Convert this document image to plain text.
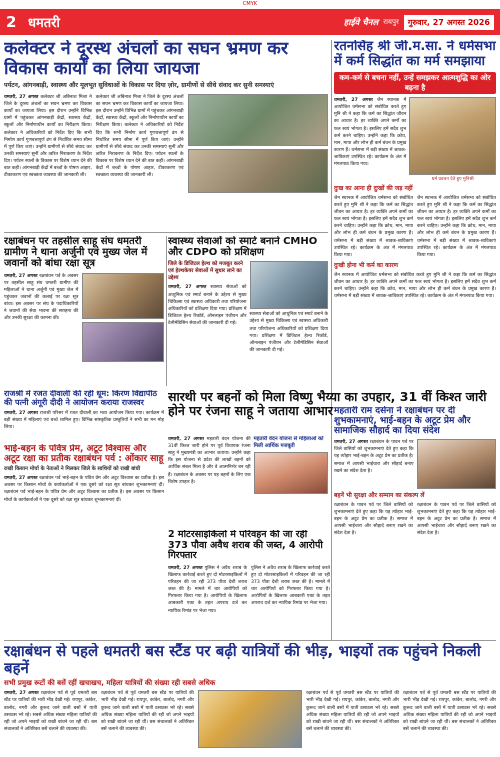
CMYK
2 धमतरी	हाईवे चैनल रायपुर	गुरुवार, 27 अगस्त 2026
कलेक्टर ने दूरस्थ अंचलों का सघन भ्रमण कर विकास कार्यों का लिया जायजा
पर्यटन, आंगनबाड़ी, स्वास्थ्य और मूलभूत सुविधाओं के विकास पर दिया ज़ोर, ग्रामीणों से सीधे संवाद कर सुनी समस्याएं
धमतरी, 27 अगस्त कलेक्टर श्री अबिनाश मिश्रा ने जिले के दूरस्थ अंचलों का सघन भ्रमण कर विकास कार्यों का जायजा लिया। इस दौरान उन्होंने विभिन्न ग्रामों में पहुंचकर आंगनबाड़ी केंद्रों, स्वास्थ्य केंद्रों, स्कूलों और निर्माणाधीन कार्यों का निरीक्षण किया। कलेक्टर ने अधिकारियों को निर्देश दिए कि सभी निर्माण कार्य गुणवत्तापूर्ण ढंग से निर्धारित समय सीमा में पूर्ण किए जाएं। उन्होंने ग्रामीणों से सीधे संवाद कर उनकी समस्याएं सुनीं और त्वरित निराकरण के निर्देश दिए। पर्यटन स्थलों के विकास पर विशेष ध्यान देने की बात कही। आंगनबाड़ी केंद्रों में बच्चों के पोषण आहार, टीकाकरण एवं स्वच्छता व्यवस्था की जानकारी ली।
कलेक्टर श्री अबिनाश मिश्रा ने जिले के दूरस्थ अंचलों का सघन भ्रमण कर विकास कार्यों का जायजा लिया। इस दौरान उन्होंने विभिन्न ग्रामों में पहुंचकर आंगनबाड़ी केंद्रों, स्वास्थ्य केंद्रों, स्कूलों और निर्माणाधीन कार्यों का निरीक्षण किया। कलेक्टर ने अधिकारियों को निर्देश दिए कि सभी निर्माण कार्य गुणवत्तापूर्ण ढंग से निर्धारित समय सीमा में पूर्ण किए जाएं। उन्होंने ग्रामीणों से सीधे संवाद कर उनकी समस्याएं सुनीं और त्वरित निराकरण के निर्देश दिए। पर्यटन स्थलों के विकास पर विशेष ध्यान देने की बात कही। आंगनबाड़ी केंद्रों में बच्चों के पोषण आहार, टीकाकरण एवं स्वच्छता व्यवस्था की जानकारी ली।
रतनसिंह श्री जी.म.सा. ने धर्मसभा में कर्म सिद्धांत का मर्म समझाया
कम-कर्म से बचना नहीं, उन्हें समझकर आत्मशुद्धि का ओर बढ़ना है
धमतरी, 27 अगस्त जैन स्थानक में आयोजित धर्मसभा को संबोधित करते हुए मुनि श्री ने कहा कि कर्म का सिद्धांत जीवन का आधार है। हर व्यक्ति अपने कर्मों का फल स्वयं भोगता है। इसलिए हमें सदैव शुभ कर्म करने चाहिए। उन्होंने कहा कि क्रोध, मान, माया और लोभ ही कर्म बंधन के प्रमुख कारण हैं। धर्मसभा में बड़ी संख्या में श्रावक-श्राविकाएं उपस्थित रहे। कार्यक्रम के अंत में मंगलपाठ किया गया।
धर्म प्रवचन देते हुए मुनिश्री
दुःख का आना ही दुःखों की जड़ नहीं
जैन स्थानक में आयोजित धर्मसभा को संबोधित करते हुए मुनि श्री ने कहा कि कर्म का सिद्धांत जीवन का आधार है। हर व्यक्ति अपने कर्मों का फल स्वयं भोगता है। इसलिए हमें सदैव शुभ कर्म करने चाहिए। उन्होंने कहा कि क्रोध, मान, माया और लोभ ही कर्म बंधन के प्रमुख कारण हैं। धर्मसभा में बड़ी संख्या में श्रावक-श्राविकाएं उपस्थित रहे। कार्यक्रम के अंत में मंगलपाठ किया गया।
जैन स्थानक में आयोजित धर्मसभा को संबोधित करते हुए मुनि श्री ने कहा कि कर्म का सिद्धांत जीवन का आधार है। हर व्यक्ति अपने कर्मों का फल स्वयं भोगता है। इसलिए हमें सदैव शुभ कर्म करने चाहिए। उन्होंने कहा कि क्रोध, मान, माया और लोभ ही कर्म बंधन के प्रमुख कारण हैं। धर्मसभा में बड़ी संख्या में श्रावक-श्राविकाएं उपस्थित रहे। कार्यक्रम के अंत में मंगलपाठ किया गया।
दुःखी होना भी कर्म का कारण
जैन स्थानक में आयोजित धर्मसभा को संबोधित करते हुए मुनि श्री ने कहा कि कर्म का सिद्धांत जीवन का आधार है। हर व्यक्ति अपने कर्मों का फल स्वयं भोगता है। इसलिए हमें सदैव शुभ कर्म करने चाहिए। उन्होंने कहा कि क्रोध, मान, माया और लोभ ही कर्म बंधन के प्रमुख कारण हैं। धर्मसभा में बड़ी संख्या में श्रावक-श्राविकाएं उपस्थित रहे। कार्यक्रम के अंत में मंगलपाठ किया गया।
रक्षाबंधन पर तहसील साहू संघ धमतरी ग्रामीण ने थाना अर्जुनी एवं मुख्य जेल में जवानों को बांधा रक्षा सूत्र
धमतरी, 27 अगस्त रक्षाबंधन पर्व के अवसर पर तहसील साहू संघ धमतरी ग्रामीण की महिलाओं ने थाना अर्जुनी एवं मुख्य जेल में पहुंचकर जवानों की कलाई पर रक्षा सूत्र बांधा। इस अवसर पर संघ के पदाधिकारियों ने जवानों की सेवा भावना की सराहना की और उनकी सुरक्षा की कामना की।
स्वास्थ्य सेवाओं को स्मार्ट बनाने CMHO और CDPO को प्रशिक्षण
जिले के डिजिटल हेल्थ को मजबूत करने एवं हेल्थकेयर सेवाओं में सुधार लाने का उद्देश्य
धमतरी, 27 अगस्त स्वास्थ्य सेवाओं को आधुनिक एवं स्मार्ट बनाने के उद्देश्य से मुख्य चिकित्सा एवं स्वास्थ्य अधिकारी तथा परियोजना अधिकारियों को प्रशिक्षण दिया गया। प्रशिक्षण में डिजिटल हेल्थ रिकॉर्ड, ऑनलाइन पंजीयन और टेलीमेडिसिन सेवाओं की जानकारी दी गई।
स्वास्थ्य सेवाओं को आधुनिक एवं स्मार्ट बनाने के उद्देश्य से मुख्य चिकित्सा एवं स्वास्थ्य अधिकारी तथा परियोजना अधिकारियों को प्रशिक्षण दिया गया। प्रशिक्षण में डिजिटल हेल्थ रिकॉर्ड, ऑनलाइन पंजीयन और टेलीमेडिसिन सेवाओं की जानकारी दी गई।
राजश्री में रजत दीवाली की रही धूम: किरण विद्यापीठ की पत्नी अंगूरी दीदी ने आयोजन कराया राजस्वर
धमतरी, 27 अगस्त राजश्री परिसर में रजत दीवाली का भव्य आयोजन किया गया। कार्यक्रम में बड़ी संख्या में महिलाएं एवं बच्चे शामिल हुए। विभिन्न सांस्कृतिक प्रस्तुतियों ने सभी का मन मोह लिया।
भाई-बहन के पवित्र प्रेम, अटूट विश्वास और अटूट रक्षा का प्रतीक रक्षाबंधन पर्व : ओंकार साहू
राखी किसान मोर्चा के नेताओं ने मिलकर जिले के साथियों को राखी बांधी
धमतरी, 27 अगस्त रक्षाबंधन पर्व भाई-बहन के पवित्र प्रेम और अटूट विश्वास का प्रतीक है। इस अवसर पर किसान मोर्चा के कार्यकर्ताओं ने एक दूसरे को रक्षा सूत्र बांधकर शुभकामनाएं दीं। रक्षाबंधन पर्व भाई-बहन के पवित्र प्रेम और अटूट विश्वास का प्रतीक है। इस अवसर पर किसान मोर्चा के कार्यकर्ताओं ने एक दूसरे को रक्षा सूत्र बांधकर शुभकामनाएं दीं।
सारथी पर बहनों को मिला विष्णु भैय्या का उपहार, 31 वीं किश्त जारी होने पर रंजना साहू ने जताया आभार
धमतरी, 27 अगस्त महतारी वंदन योजना की 31वीं किश्त जारी होने पर पूर्व विधायक रंजना साहू ने मुख्यमंत्री का आभार जताया। उन्होंने कहा कि इस योजना से प्रदेश की लाखों बहनों को आर्थिक संबल मिला है और वे आत्मनिर्भर बन रही हैं। रक्षाबंधन के अवसर पर यह बहनों के लिए एक विशेष उपहार है।
महतारी वंदन योजना से महिलाओं को मिली आर्थिक मजबूती
महतारी राम दसेना ने रक्षाबंधन पर दी शुभकामनाएं, भाई-बहन के अटूट प्रेम और सामाजिक सौहार्द का दिया संदेश
धमतरी, 27 अगस्त रक्षाबंधन के पावन पर्व पर जिले वासियों को शुभकामनाएं देते हुए कहा कि यह त्योहार भाई-बहन के अटूट प्रेम का प्रतीक है। समाज में आपसी भाईचारा और सौहार्द बनाए रखने का संदेश देता है।
बहनें भी सुरक्षा और सम्मान का संकल्प लें
रक्षाबंधन के पावन पर्व पर जिले वासियों को शुभकामनाएं देते हुए कहा कि यह त्योहार भाई-बहन के अटूट प्रेम का प्रतीक है। समाज में आपसी भाईचारा और सौहार्द बनाए रखने का संदेश देता है।
रक्षाबंधन के पावन पर्व पर जिले वासियों को शुभकामनाएं देते हुए कहा कि यह त्योहार भाई-बहन के अटूट प्रेम का प्रतीक है। समाज में आपसी भाईचारा और सौहार्द बनाए रखने का संदेश देता है।
2 मोटरसाइकिलों में परिवहन की जा रही 373 पौवा अवैध शराब की जब्त, 4 आरोपी गिरफ्तार
धमतरी, 27 अगस्त पुलिस ने अवैध शराब के खिलाफ कार्रवाई करते हुए दो मोटरसाइकिलों में परिवहन की जा रही 373 पौवा देशी शराब जब्त की है। मामले में चार आरोपियों को गिरफ्तार किया गया है। आरोपियों के खिलाफ आबकारी एक्ट के तहत अपराध दर्ज कर न्यायिक रिमांड पर भेजा गया।
पुलिस ने अवैध शराब के खिलाफ कार्रवाई करते हुए दो मोटरसाइकिलों में परिवहन की जा रही 373 पौवा देशी शराब जब्त की है। मामले में चार आरोपियों को गिरफ्तार किया गया है। आरोपियों के खिलाफ आबकारी एक्ट के तहत अपराध दर्ज कर न्यायिक रिमांड पर भेजा गया।
रक्षाबंधन से पहले धमतरी बस स्टैंड पर बढ़ी यात्रियों की भीड़, भाइयों तक पहुंचने निकली बहनें
सभी प्रमुख रूटों की बसें रहीं खचाखच, महिला यात्रियों की संख्या रही सबसे अधिक
धमतरी, 27 अगस्त रक्षाबंधन पर्व से पूर्व धमतरी बस स्टैंड पर यात्रियों की भारी भीड़ देखी गई। रायपुर, कांकेर, बालोद, नगरी और कुरूद जाने वाली बसों में यात्री ठसाठस भरे रहे। सबसे अधिक संख्या महिला यात्रियों की रही जो अपने भाइयों को राखी बांधने जा रही थीं। बस संचालकों ने अतिरिक्त बसें चलाने की व्यवस्था की।
रक्षाबंधन पर्व से पूर्व धमतरी बस स्टैंड पर यात्रियों की भारी भीड़ देखी गई। रायपुर, कांकेर, बालोद, नगरी और कुरूद जाने वाली बसों में यात्री ठसाठस भरे रहे। सबसे अधिक संख्या महिला यात्रियों की रही जो अपने भाइयों को राखी बांधने जा रही थीं। बस संचालकों ने अतिरिक्त बसें चलाने की व्यवस्था की।
रक्षाबंधन पर्व से पूर्व धमतरी बस स्टैंड पर यात्रियों की भारी भीड़ देखी गई। रायपुर, कांकेर, बालोद, नगरी और कुरूद जाने वाली बसों में यात्री ठसाठस भरे रहे। सबसे अधिक संख्या महिला यात्रियों की रही जो अपने भाइयों को राखी बांधने जा रही थीं। बस संचालकों ने अतिरिक्त बसें चलाने की व्यवस्था की।
रक्षाबंधन पर्व से पूर्व धमतरी बस स्टैंड पर यात्रियों की भारी भीड़ देखी गई। रायपुर, कांकेर, बालोद, नगरी और कुरूद जाने वाली बसों में यात्री ठसाठस भरे रहे। सबसे अधिक संख्या महिला यात्रियों की रही जो अपने भाइयों को राखी बांधने जा रही थीं। बस संचालकों ने अतिरिक्त बसें चलाने की व्यवस्था की।
